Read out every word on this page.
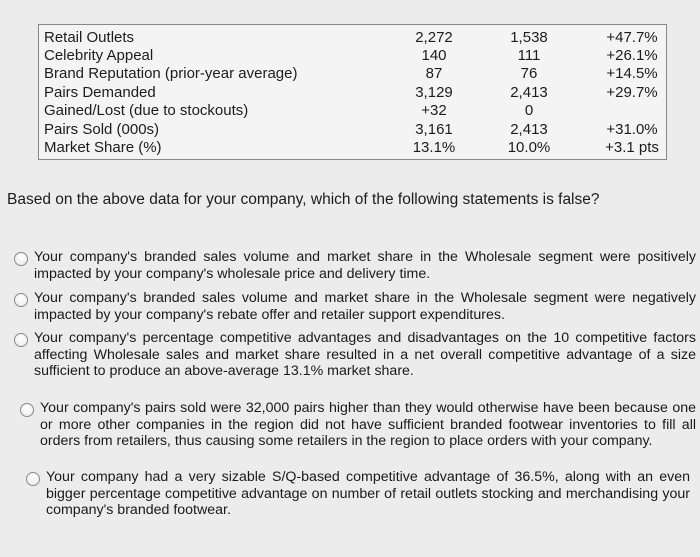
Retail Outlets	2,272	1,538	+47.7%
Celebrity Appeal	140	111	+26.1%
Brand Reputation (prior-year average)	87	76	+14.5%
Pairs Demanded	3,129	2,413	+29.7%
Gained/Lost (due to stockouts)	+32	0
Pairs Sold (000s)	3,161	2,413	+31.0%
Market Share (%)	13.1%	10.0%	+3.1 pts
Based on the above data for your company, which of the following statements is false?
Your company's branded sales volume and market share in the Wholesale segment were positively impacted by your company's wholesale price and delivery time.
Your company's branded sales volume and market share in the Wholesale segment were negatively impacted by your company's rebate offer and retailer support expenditures.
Your company's percentage competitive advantages and disadvantages on the 10 competitive factors affecting Wholesale sales and market share resulted in a net overall competitive advantage of a size sufficient to produce an above-average 13.1% market share.
Your company's pairs sold were 32,000 pairs higher than they would otherwise have been because one or more other companies in the region did not have sufficient branded footwear inventories to fill all orders from retailers, thus causing some retailers in the region to place orders with your company.
Your company had a very sizable S/Q-based competitive advantage of 36.5%, along with an even bigger percentage competitive advantage on number of retail outlets stocking and merchandising your company's branded footwear.
